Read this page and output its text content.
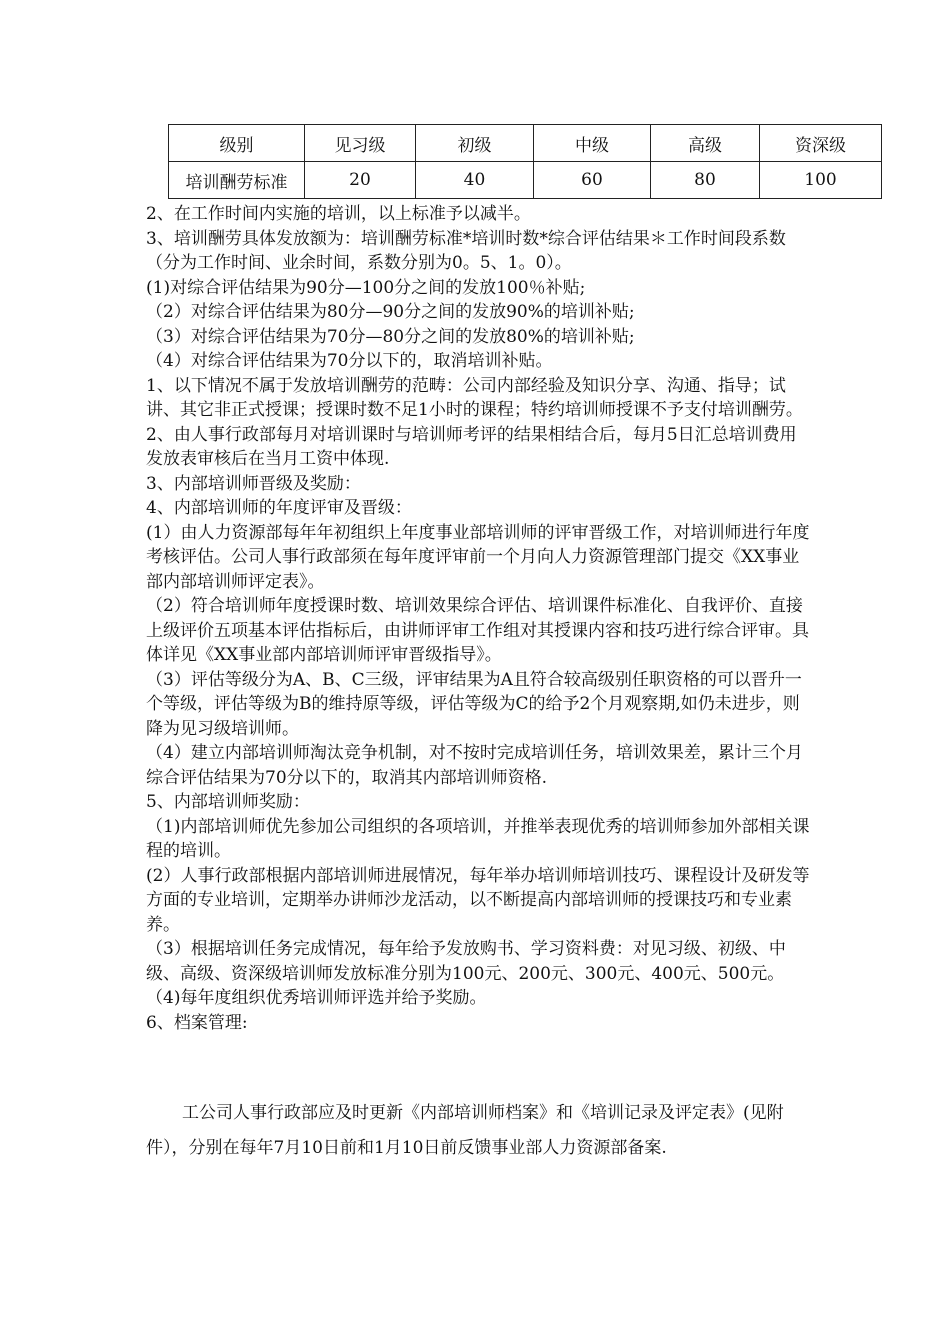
级别	见习级	初级	中级	高级	资深级
培训酬劳标准	20	40	60	80	100

2、在工作时间内实施的培训，以上标准予以减半。

3、培训酬劳具体发放额为：培训酬劳标准*培训时数*综合评估结果＊工作时间段系数（分为工作时间、业余时间，系数分别为0。5、1。0）。

(1)对综合评估结果为90分—100分之间的发放100％补贴;

（2）对综合评估结果为80分—90分之间的发放90%的培训补贴;

（3）对综合评估结果为70分—80分之间的发放80%的培训补贴;

（4）对综合评估结果为70分以下的，取消培训补贴。

1、以下情况不属于发放培训酬劳的范畴：公司内部经验及知识分享、沟通、指导；试讲、其它非正式授课；授课时数不足1小时的课程；特约培训师授课不予支付培训酬劳。

2、由人事行政部每月对培训课时与培训师考评的结果相结合后，每月5日汇总培训费用发放表审核后在当月工资中体现.

3、内部培训师晋级及奖励：

4、内部培训师的年度评审及晋级：

(1）由人力资源部每年年初组织上年度事业部培训师的评审晋级工作，对培训师进行年度考核评估。公司人事行政部须在每年度评审前一个月向人力资源管理部门提交《XX事业部内部培训师评定表》。

（2）符合培训师年度授课时数、培训效果综合评估、培训课件标准化、自我评价、直接上级评价五项基本评估指标后，由讲师评审工作组对其授课内容和技巧进行综合评审。具体详见《XX事业部内部培训师评审晋级指导》。

（3）评估等级分为A、B、C三级，评审结果为A且符合较高级别任职资格的可以晋升一个等级，评估等级为B的维持原等级，评估等级为C的给予2个月观察期,如仍未进步，则降为见习级培训师。

（4）建立内部培训师淘汰竞争机制，对不按时完成培训任务，培训效果差，累计三个月综合评估结果为70分以下的，取消其内部培训师资格.

5、内部培训师奖励：

（1)内部培训师优先参加公司组织的各项培训，并推举表现优秀的培训师参加外部相关课程的培训。

(2）人事行政部根据内部培训师进展情况，每年举办培训师培训技巧、课程设计及研发等方面的专业培训，定期举办讲师沙龙活动，以不断提高内部培训师的授课技巧和专业素养。

（3）根据培训任务完成情况，每年给予发放购书、学习资料费：对见习级、初级、中级、高级、资深级培训师发放标准分别为100元、200元、300元、400元、500元。

（4)每年度组织优秀培训师评选并给予奖励。

6、档案管理:

工公司人事行政部应及时更新《内部培训师档案》和《培训记录及评定表》(见附件），分别在每年7月10日前和1月10日前反馈事业部人力资源部备案.
